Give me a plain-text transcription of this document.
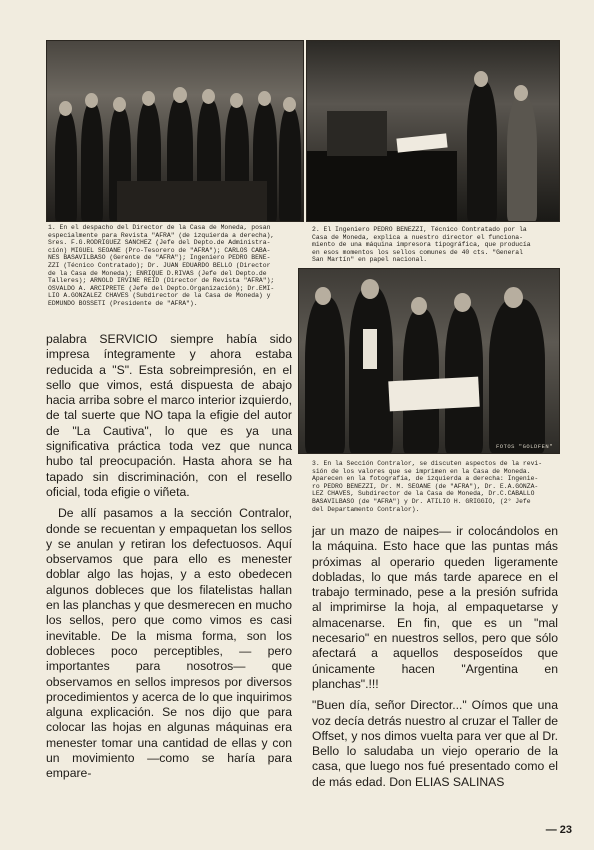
1. En el despacho del Director de la Casa de Moneda, posan
especialmente para Revista "AFRA" (de izquierda a derecha),
Sres. F.G.RODRIGUEZ SANCHEZ (Jefe del Depto.de Administra-
ción) MIGUEL SEOANE (Pro-Tesorero de "AFRA"); CARLOS CABA-
NES BASAVILBASO (Gerente de "AFRA"); Ingeniero PEDRO BENE-
ZZI (Técnico Contratado); Dr. JUAN EDUARDO BELLO (Director
de la Casa de Moneda); ENRIQUE D.RIVAS (Jefe del Depto.de
Talleres); ARNOLD IRVINE REID (Director de Revista "AFRA");
OSVALDO A. ARCIPRETE (Jefe del Depto.Organización); Dr.EMI-
LIO A.GONZALEZ CHAVES (Subdirector de la Casa de Moneda) y
EDMUNDO BOSSETI (Presidente de "AFRA").
2. El Ingeniero PEDRO BENEZZI, Técnico Contratado por la
Casa de Moneda, explica a nuestro director el funciona-
miento de una máquina impresora tipográfica, que producía
en esos momentos los sellos comunes de 40 cts. "General
San Martín" en papel nacional.
FOTOS "GOLDFEN"
3. En la Sección Contralor, se discuten aspectos de la revi-
sión de los valores que se imprimen en la Casa de Moneda.
Aparecen en la fotografía, de izquierda a derecha: Ingenie-
ro PEDRO BENEZZI, Dr. M. SEOANE (de "AFRA"), Dr. E.A.GONZA-
LEZ CHAVES, Subdirector de la Casa de Moneda, Dr.C.CABALLO
BASAVILBASO (de "AFRA") y Dr. ATILIO H. GRIGGIO, (2° Jefe
del Departamento Contralor).

palabra SERVICIO siempre había sido impresa íntegramente y ahora estaba reducida a "S". Esta sobreimpresión, en el sello que vimos, está dispuesta de abajo hacia arriba sobre el marco interior izquierdo, de tal suerte que NO tapa la efigie del autor de "La Cautiva", lo que es ya una significativa práctica toda vez que nunca hubo tal preocupación. Hasta ahora se ha tapado sin discriminación, con el resello oficial, toda efigie o viñeta.

De allí pasamos a la sección Contralor, donde se recuentan y empaquetan los sellos y se anulan y retiran los defectuosos. Aquí observamos que para ello es menester doblar algo las hojas, y a esto obedecen algunos dobleces que los filatelistas hallan en las planchas y que desmerecen en mucho los sellos, pero que como vimos es casi inevitable. De la misma forma, son los dobleces poco perceptibles, — pero importantes para nosotros— que observamos en sellos impresos por diversos procedimientos y acerca de lo que inquirimos alguna explicación. Se nos dijo que para colocar las hojas en algunas máquinas era menester tomar una cantidad de ellas y con un movimiento —como se haría para empare-

jar un mazo de naipes— ir colocándolos en la máquina. Esto hace que las puntas más próximas al operario queden ligeramente dobladas, lo que más tarde aparece en el trabajo terminado, pese a la presión sufrida al imprimirse la hoja, al empaquetarse y almacenarse. En fin, que es un "mal necesario" en nuestros sellos, pero que sólo afectará a aquellos desposeídos que únicamente hacen "Argentina en planchas".!!!

"Buen día, señor Director..." Oímos que una voz decía detrás nuestro al cruzar el Taller de Offset, y nos dimos vuelta para ver que al Dr. Bello lo saludaba un viejo operario de la casa, que luego nos fué presentado como el de más edad. Don ELIAS SALINAS

— 23
